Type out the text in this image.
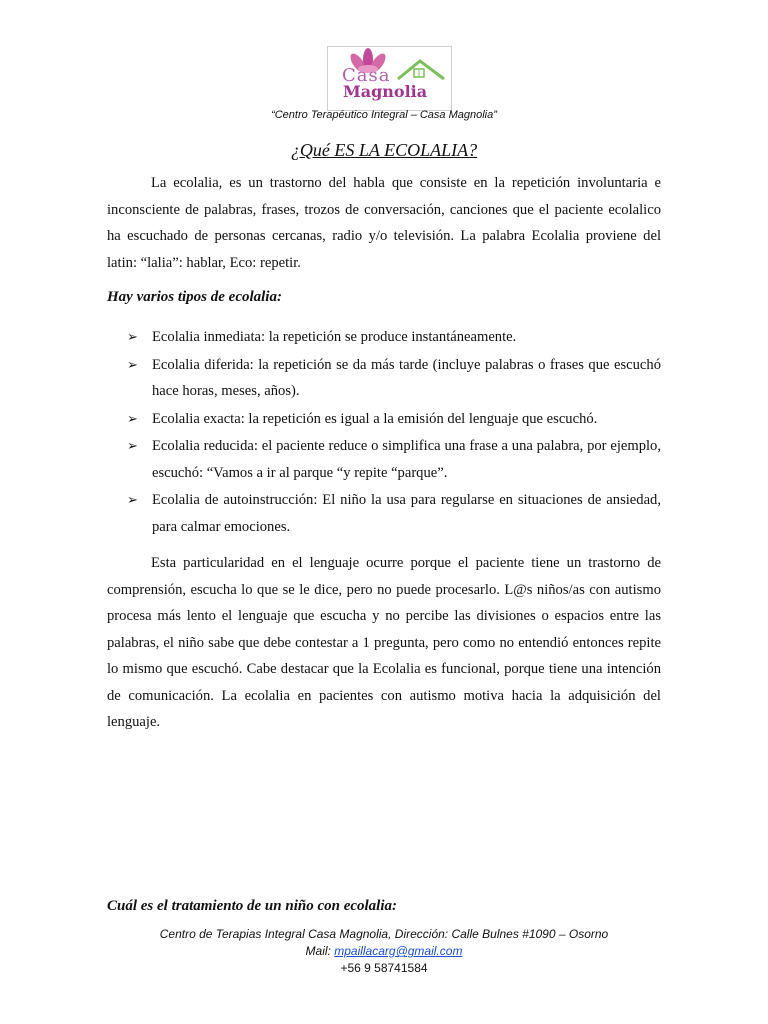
Casa
Magnolia
“Centro Terapéutico Integral – Casa Magnolia”
¿Qué ES LA ECOLALIA?

La ecolalia, es un trastorno del habla que consiste en la repetición involuntaria e inconsciente de palabras, frases, trozos de conversación, canciones que el paciente ecolalico ha escuchado de personas cercanas, radio y/o televisión. La palabra Ecolalia proviene del latin: “lalia”: hablar, Eco: repetir.

Hay varios tipos de ecolalia:

➢ Ecolalia inmediata: la repetición se produce instantáneamente.
➢ Ecolalia diferida: la repetición se da más tarde (incluye palabras o frases que escuchó hace horas, meses, años).
➢ Ecolalia exacta: la repetición es igual a la emisión del lenguaje que escuchó.
➢ Ecolalia reducida: el paciente reduce o simplifica una frase a una palabra, por ejemplo, escuchó: “Vamos a ir al parque “y repite “parque”.
➢ Ecolalia de autoinstrucción: El niño la usa para regularse en situaciones de ansiedad, para calmar emociones.

Esta particularidad en el lenguaje ocurre porque el paciente tiene un trastorno de comprensión, escucha lo que se le dice, pero no puede procesarlo. L@s niños/as con autismo procesa más lento el lenguaje que escucha y no percibe las divisiones o espacios entre las palabras, el niño sabe que debe contestar a 1 pregunta, pero como no entendió entonces repite lo mismo que escuchó. Cabe destacar que la Ecolalia es funcional, porque tiene una intención de comunicación. La ecolalia en pacientes con autismo motiva hacia la adquisición del lenguaje.

Cuál es el tratamiento de un niño con ecolalia:

Centro de Terapias Integral Casa Magnolia, Dirección: Calle Bulnes #1090 – Osorno
Mail: mpaillacarg@gmail.com
+56 9 58741584
